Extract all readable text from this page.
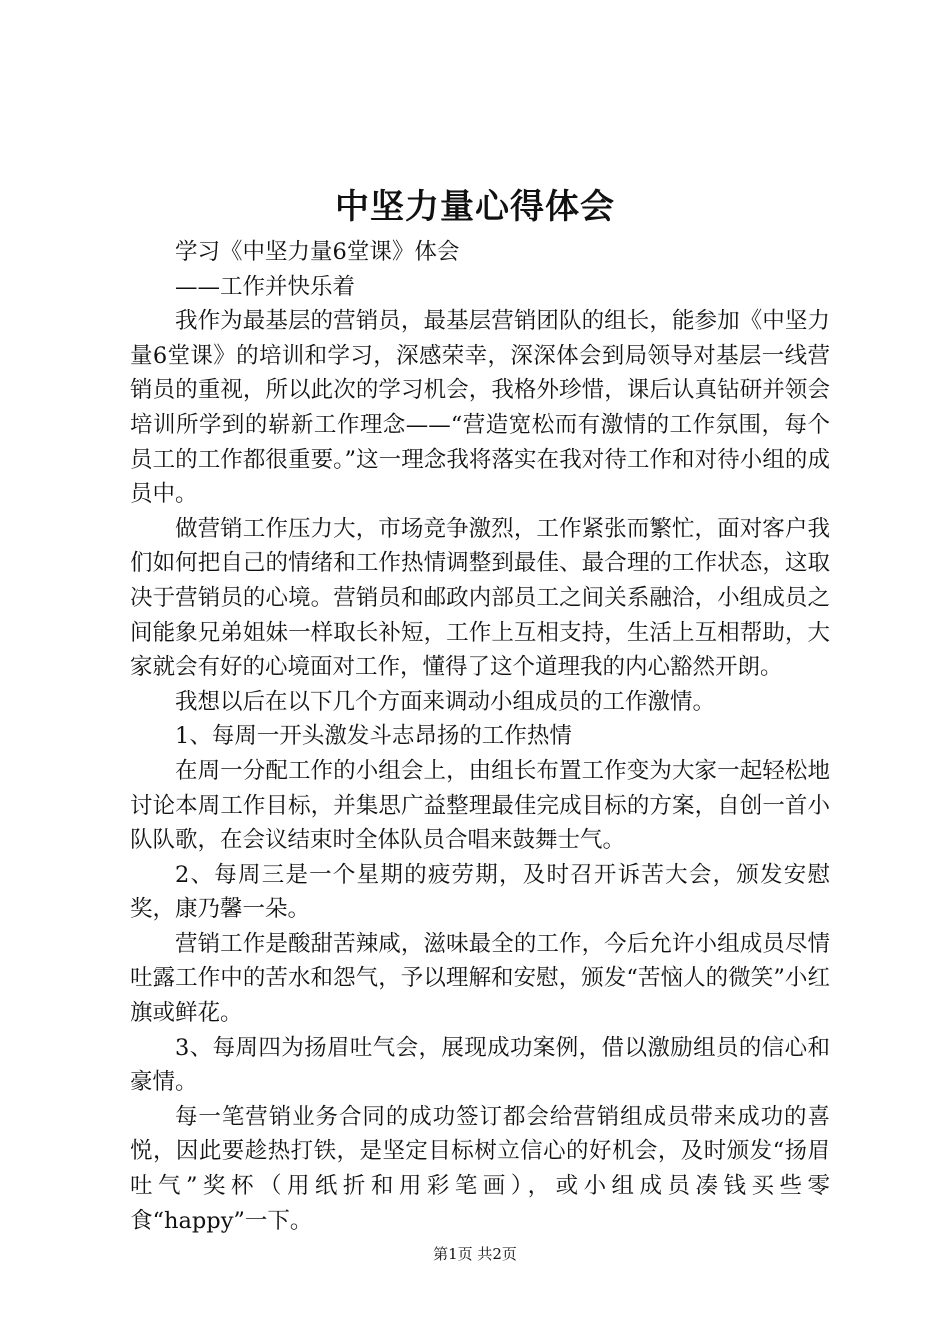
中坚力量心得体会

学习《中坚力量6堂课》体会

——工作并快乐着

我作为最基层的营销员，最基层营销团队的组长，能参加《中坚力量6堂课》的培训和学习，深感荣幸，深深体会到局领导对基层一线营销员的重视，所以此次的学习机会，我格外珍惜，课后认真钻研并领会培训所学到的崭新工作理念——“营造宽松而有激情的工作氛围，每个员工的工作都很重要。”这一理念我将落实在我对待工作和对待小组的成员中。

做营销工作压力大，市场竞争激烈，工作紧张而繁忙，面对客户我们如何把自己的情绪和工作热情调整到最佳、最合理的工作状态，这取决于营销员的心境。营销员和邮政内部员工之间关系融洽，小组成员之间能象兄弟姐妹一样取长补短，工作上互相支持，生活上互相帮助，大家就会有好的心境面对工作，懂得了这个道理我的内心豁然开朗。

我想以后在以下几个方面来调动小组成员的工作激情。

1、每周一开头激发斗志昂扬的工作热情

在周一分配工作的小组会上，由组长布置工作变为大家一起轻松地讨论本周工作目标，并集思广益整理最佳完成目标的方案，自创一首小队队歌，在会议结束时全体队员合唱来鼓舞士气。

2、每周三是一个星期的疲劳期，及时召开诉苦大会，颁发安慰奖，康乃馨一朵。

营销工作是酸甜苦辣咸，滋味最全的工作，今后允许小组成员尽情吐露工作中的苦水和怨气，予以理解和安慰，颁发“苦恼人的微笑”小红旗或鲜花。

3、每周四为扬眉吐气会，展现成功案例，借以激励组员的信心和豪情。

每一笔营销业务合同的成功签订都会给营销组成员带来成功的喜悦，因此要趁热打铁，是坚定目标树立信心的好机会，及时颁发“扬眉吐气”奖杯（用纸折和用彩笔画），或小组成员凑钱买些零食“happy”一下。

第1页 共2页
